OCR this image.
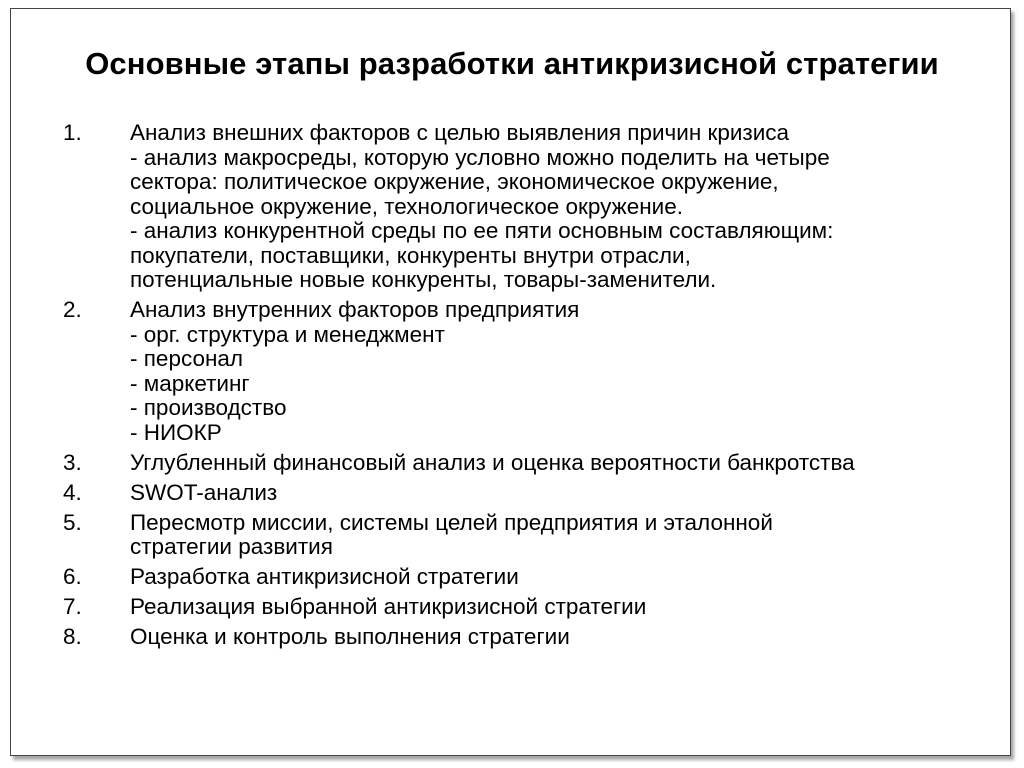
Основные этапы разработки антикризисной стратегии
1.	Анализ внешних факторов с целью выявления причин кризиса
- анализ макросреды, которую условно можно поделить на четыре
сектора: политическое окружение, экономическое окружение,
социальное окружение, технологическое окружение.
- анализ конкурентной среды по ее пяти основным составляющим:
покупатели, поставщики, конкуренты внутри отрасли,
потенциальные новые конкуренты, товары-заменители.
2.	Анализ внутренних факторов предприятия
- орг. структура и менеджмент
- персонал
- маркетинг
- производство
- НИОКР
3.	Углубленный финансовый анализ и оценка вероятности банкротства
4.	SWOT-анализ
5.	Пересмотр миссии, системы целей предприятия и эталонной
стратегии развития
6.	Разработка антикризисной стратегии
7.	Реализация выбранной антикризисной стратегии
8.	Оценка и контроль выполнения стратегии
